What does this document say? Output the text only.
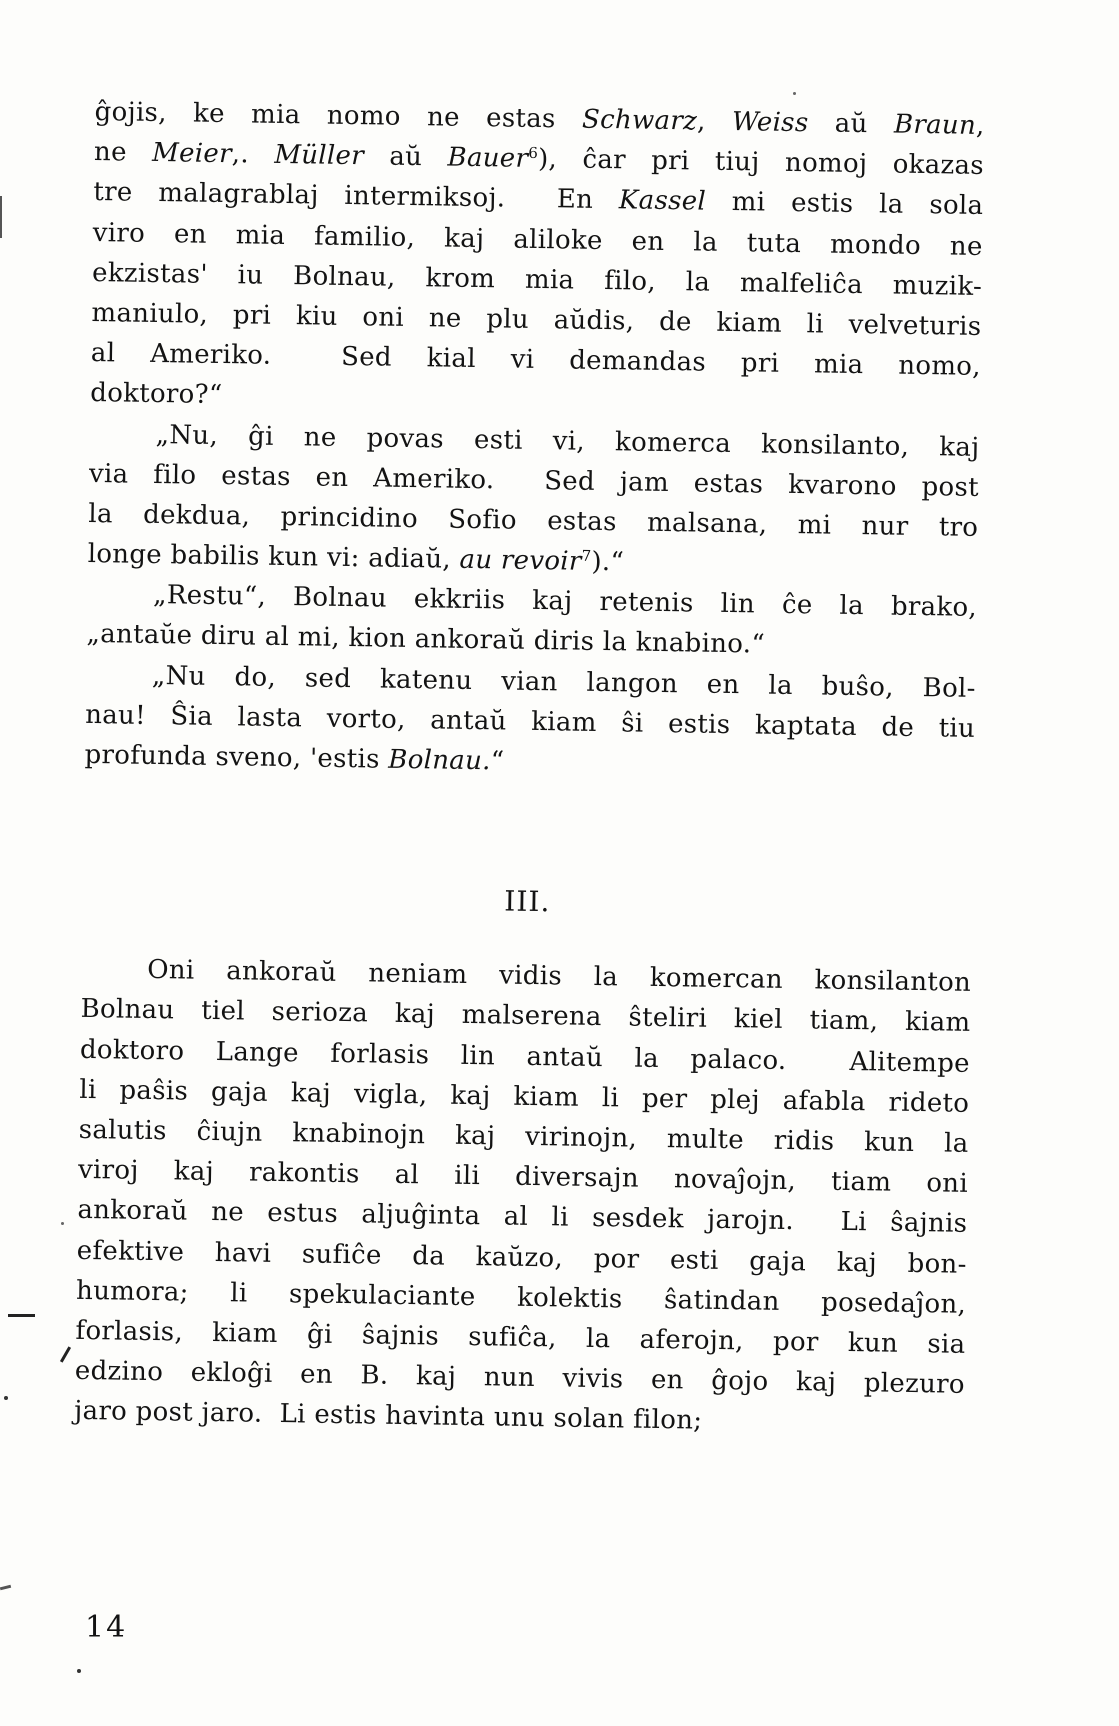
ĝojis, ke mia nomo ne estas Schwarz, Weiss aŭ Braun,
ne Meier,. Müller aŭ Bauer$^6$), ĉar pri tiuj nomoj okazas
tre malagrablaj intermiksoj.  En Kassel mi estis la sola
viro en mia familio, kaj aliloke en la tuta mondo ne
ekzistas' iu Bolnau, krom mia filo, la malfeliĉa muzik-
maniulo, pri kiu oni ne plu aŭdis, de kiam li velveturis
al Ameriko.  Sed kial vi demandas pri mia nomo,
doktoro?“
„Nu, ĝi ne povas esti vi, komerca konsilanto, kaj
via filo estas en Ameriko.  Sed jam estas kvarono post
la dekdua, princidino Sofio estas malsana, mi nur tro
longe babilis kun vi: adiaŭ, au revoir$^7$).“
„Restu“, Bolnau ekkriis kaj retenis lin ĉe la brako,
„antaŭe diru al mi, kion ankoraŭ diris la knabino.“
„Nu do, sed katenu vian langon en la buŝo, Bol-
nau! Ŝia lasta vorto, antaŭ kiam ŝi estis kaptata de tiu
profunda sveno, 'estis Bolnau.“
III.
Oni ankoraŭ neniam vidis la komercan konsilanton
Bolnau tiel serioza kaj malserena ŝteliri kiel tiam, kiam
doktoro Lange forlasis lin antaŭ la palaco.  Alitempe
li paŝis gaja kaj vigla, kaj kiam li per plej afabla rideto
salutis ĉiujn knabinojn kaj virinojn, multe ridis kun la
viroj kaj rakontis al ili diversajn novaĵojn, tiam oni
ankoraŭ ne estus aljuĝinta al li sesdek jarojn.  Li ŝajnis
efektive havi sufiĉe da kaŭzo, por esti gaja kaj bon-
humora; li spekulaciante kolektis ŝatindan posedaĵon,
forlasis, kiam ĝi ŝajnis sufiĉa, la aferojn, por kun sia
edzino ekloĝi en B. kaj nun vivis en ĝojo kaj plezuro
jaro post jaro.  Li estis havinta unu solan filon;
14
